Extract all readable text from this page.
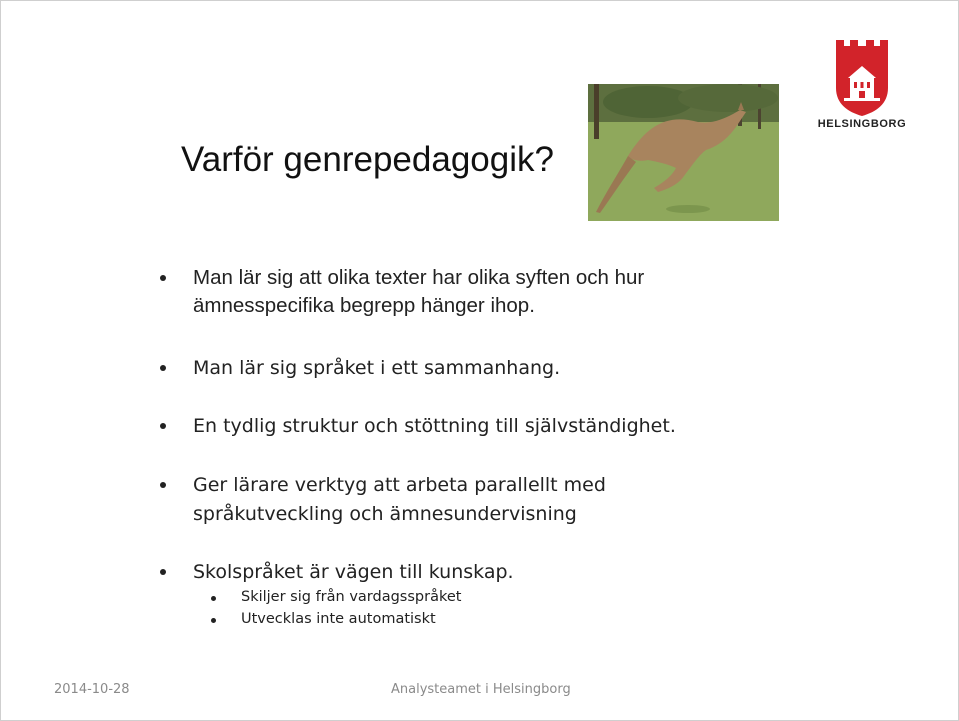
Varför genrepedagogik?
HELSINGBORG
Man lär sig att olika texter har olika syften och hur
ämnesspecifika begrepp hänger ihop.
Man lär sig språket i ett sammanhang.
En tydlig struktur och stöttning till självständighet.
Ger lärare verktyg att arbeta parallellt med
språkutveckling och ämnesundervisning
Skolspråket är vägen till kunskap.
Skiljer sig från vardagsspråket
Utvecklas inte automatiskt
2014-10-28	Analysteamet i Helsingborg
